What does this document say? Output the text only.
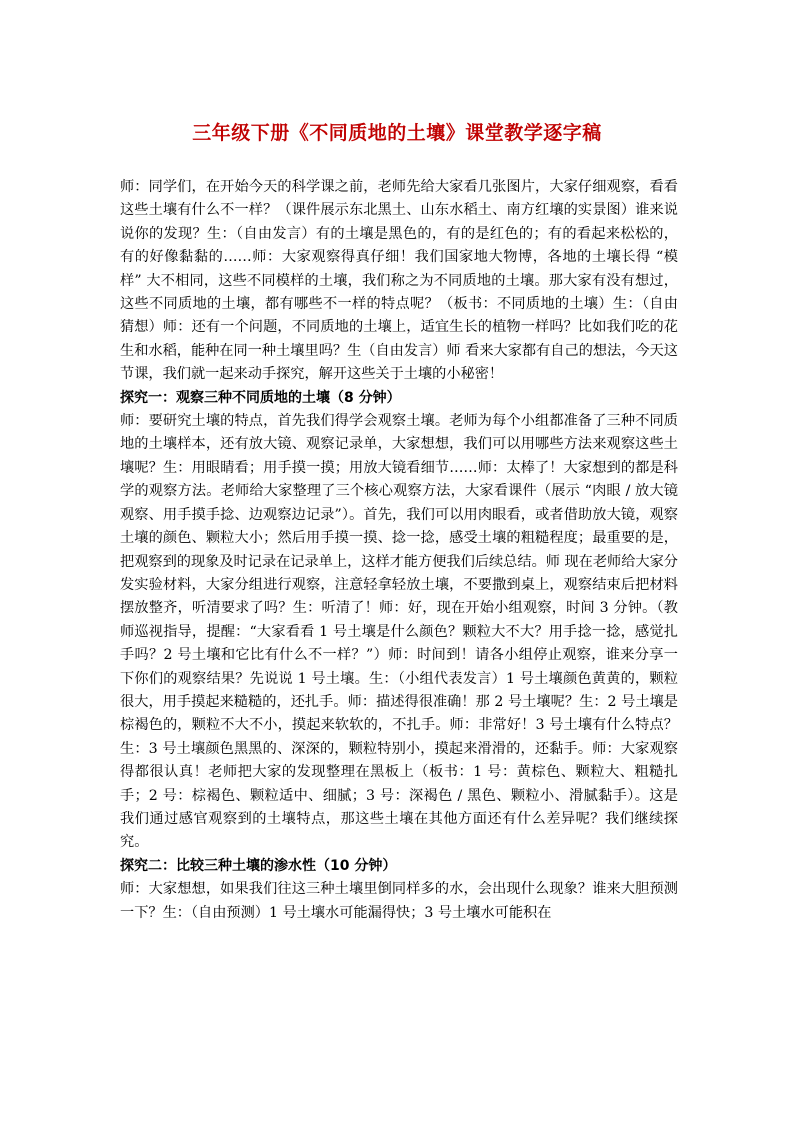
三年级下册《不同质地的土壤》课堂教学逐字稿

师：同学们，在开始今天的科学课之前，老师先给大家看几张图片，大家仔细观察，看看这些土壤有什么不一样？（课件展示东北黑土、山东水稻土、南方红壤的实景图）谁来说说你的发现？生：（自由发言）有的土壤是黑色的，有的是红色的；有的看起来松松的，有的好像黏黏的……师：大家观察得真仔细！我们国家地大物博，各地的土壤长得 “模样” 大不相同，这些不同模样的土壤，我们称之为不同质地的土壤。那大家有没有想过，这些不同质地的土壤，都有哪些不一样的特点呢？（板书：不同质地的土壤）生：（自由猜想）师：还有一个问题，不同质地的土壤上，适宜生长的植物一样吗？比如我们吃的花生和水稻，能种在同一种土壤里吗？生（自由发言）师 看来大家都有自己的想法，今天这节课，我们就一起来动手探究，解开这些关于土壤的小秘密！

探究一：观察三种不同质地的土壤（8 分钟）

师：要研究土壤的特点，首先我们得学会观察土壤。老师为每个小组都准备了三种不同质地的土壤样本，还有放大镜、观察记录单，大家想想，我们可以用哪些方法来观察这些土壤呢？生：用眼睛看；用手摸一摸；用放大镜看细节……师：太棒了！大家想到的都是科学的观察方法。老师给大家整理了三个核心观察方法，大家看课件（展示 “肉眼 / 放大镜观察、用手摸手捻、边观察边记录”）。首先，我们可以用肉眼看，或者借助放大镜，观察土壤的颜色、颗粒大小；然后用手摸一摸、捻一捻，感受土壤的粗糙程度；最重要的是，把观察到的现象及时记录在记录单上，这样才能方便我们后续总结。师 现在老师给大家分发实验材料，大家分组进行观察，注意轻拿轻放土壤，不要撒到桌上，观察结束后把材料摆放整齐，听清要求了吗？生：听清了！师：好，现在开始小组观察，时间 3 分钟。（教师巡视指导，提醒：“大家看看 1 号土壤是什么颜色？颗粒大不大？用手捻一捻，感觉扎手吗？2 号土壤和它比有什么不一样？”）师：时间到！请各小组停止观察，谁来分享一下你们的观察结果？先说说 1 号土壤。生：（小组代表发言）1 号土壤颜色黄黄的，颗粒很大，用手摸起来糙糙的，还扎手。师：描述得很准确！那 2 号土壤呢？生：2 号土壤是棕褐色的，颗粒不大不小，摸起来软软的，不扎手。师：非常好！3 号土壤有什么特点？生：3 号土壤颜色黑黑的、深深的，颗粒特别小，摸起来滑滑的，还黏手。师：大家观察得都很认真！老师把大家的发现整理在黑板上（板书：1 号：黄棕色、颗粒大、粗糙扎手；2 号：棕褐色、颗粒适中、细腻；3 号：深褐色 / 黑色、颗粒小、滑腻黏手）。这是我们通过感官观察到的土壤特点，那这些土壤在其他方面还有什么差异呢？我们继续探究。

探究二：比较三种土壤的渗水性（10 分钟）

师：大家想想，如果我们往这三种土壤里倒同样多的水，会出现什么现象？谁来大胆预测一下？生：（自由预测）1 号土壤水可能漏得快；3 号土壤水可能积在
